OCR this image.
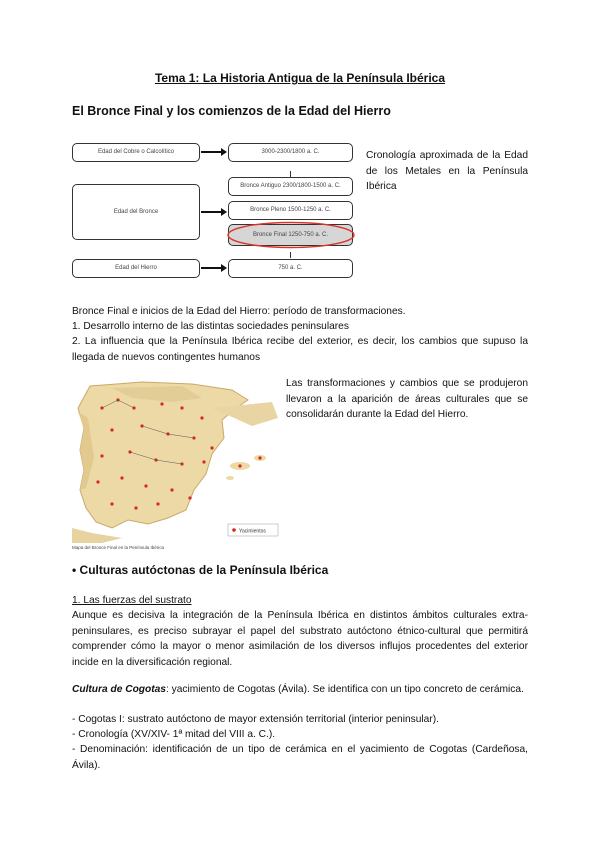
Tema 1: La Historia Antigua de la Península Ibérica
El Bronce Final y los comienzos de la Edad del Hierro
Edad del Cobre o Calcolítico
Edad del Bronce
Edad del Hierro
3000-2300/1800 a. C.
Bronce Antiguo 2300/1800-1500 a. C.
Bronce Pleno 1500-1250 a. C.
Bronce Final 1250-750 a. C.
750 a. C.
Cronología aproximada de la Edad de los Metales en la Península Ibérica
Bronce Final e inicios de la Edad del Hierro: período de transformaciones.
1. Desarrollo interno de las distintas sociedades peninsulares
2. La influencia que la Península Ibérica recibe del exterior, es decir, los cambios que supuso la llegada de nuevos contingentes humanos
Yacimientos
Mapa del Bronce Final en la Península Ibérica
Las transformaciones y cambios que se produjeron llevaron a la aparición de áreas culturales que se consolidarán durante la Edad del Hierro.
• Culturas autóctonas de la Península Ibérica
1. Las fuerzas del sustrato
Aunque es decisiva la integración de la Península Ibérica en distintos ámbitos culturales extra-peninsulares, es preciso subrayar el papel del substrato autóctono étnico-cultural que permitirá comprender cómo la mayor o menor asimilación de los diversos influjos procedentes del exterior incide en la diversificación regional.
Cultura de Cogotas: yacimiento de Cogotas (Ávila). Se identifica con un tipo concreto de cerámica.
- Cogotas I: sustrato autóctono de mayor extensión territorial (interior peninsular).
- Cronología (XV/XIV- 1ª mitad del VIII a. C.).
- Denominación: identificación de un tipo de cerámica en el yacimiento de Cogotas (Cardeñosa, Ávila).
